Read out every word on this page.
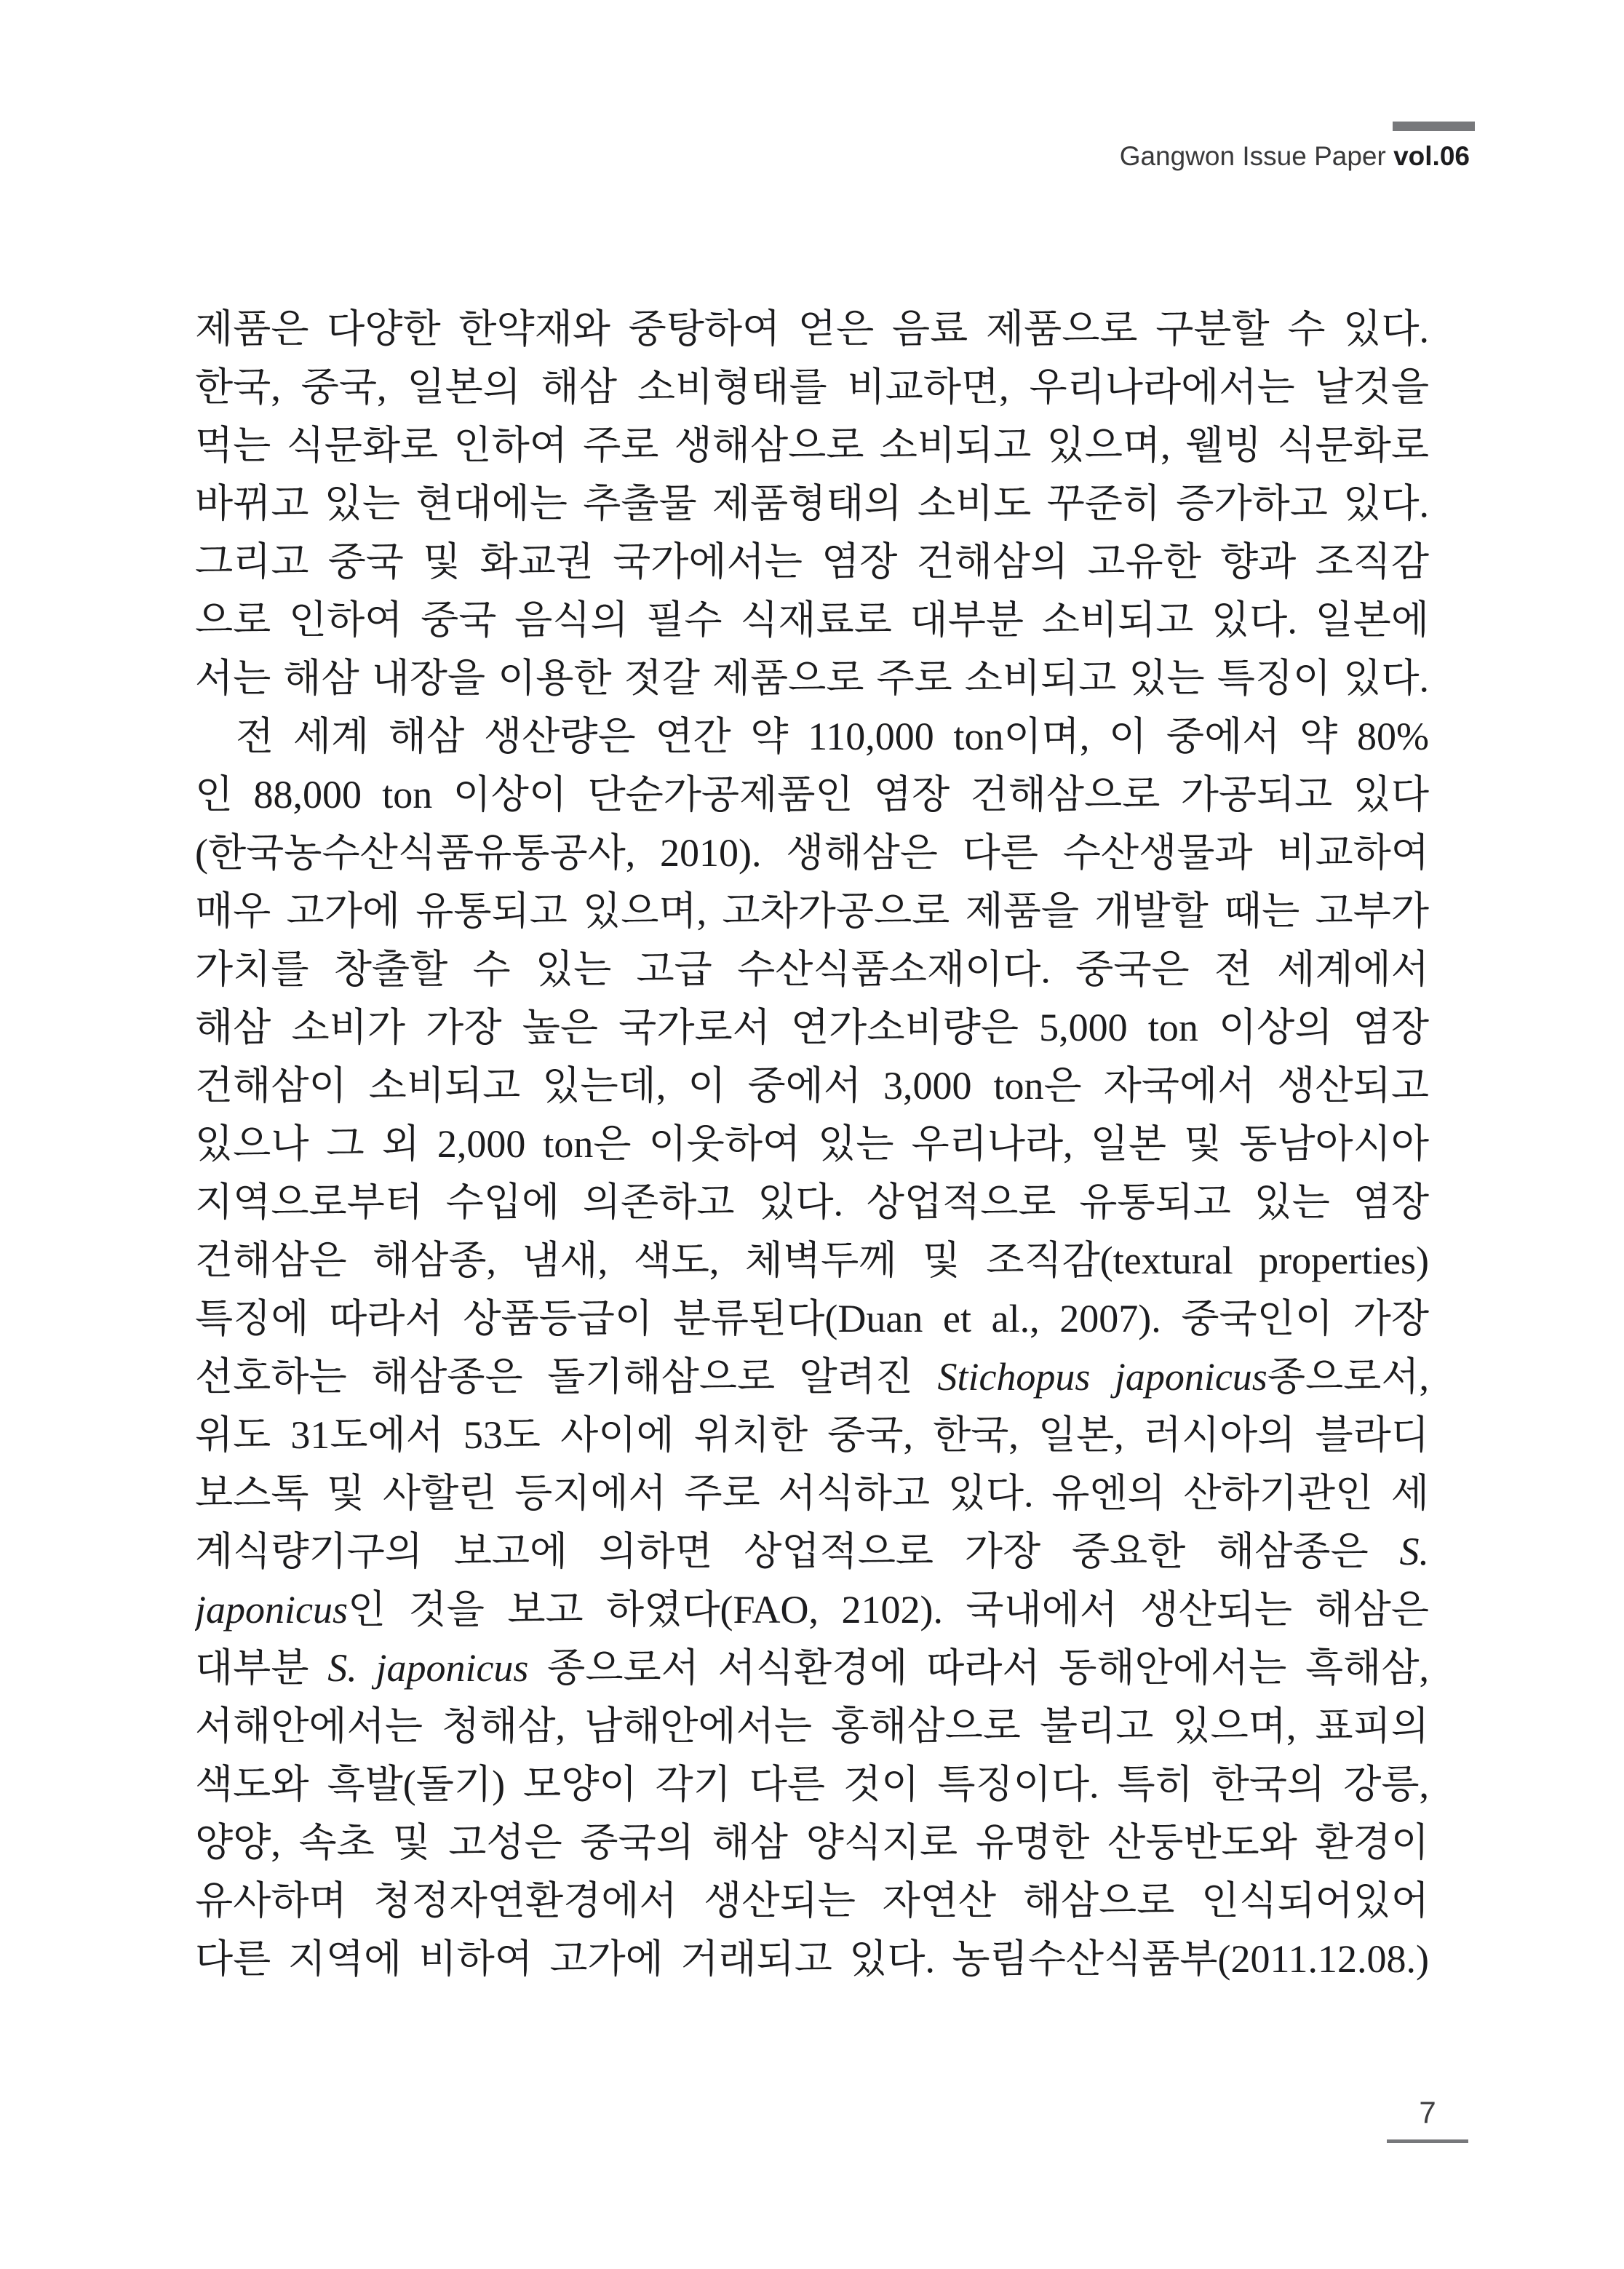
Gangwon Issue Paper vol.06
제품은 다양한 한약재와 중탕하여 얻은 음료 제품으로 구분할 수 있다.
한국, 중국, 일본의 해삼 소비형태를 비교하면, 우리나라에서는 날것을
먹는 식문화로 인하여 주로 생해삼으로 소비되고 있으며, 웰빙 식문화로
바뀌고 있는 현대에는 추출물 제품형태의 소비도 꾸준히 증가하고 있다.
그리고 중국 및 화교권 국가에서는 염장 건해삼의 고유한 향과 조직감
으로 인하여 중국 음식의 필수 식재료로 대부분 소비되고 있다. 일본에
서는 해삼 내장을 이용한 젓갈 제품으로 주로 소비되고 있는 특징이 있다.
전 세계 해삼 생산량은 연간 약 110,000 ton이며, 이 중에서 약 80%
인 88,000 ton 이상이 단순가공제품인 염장 건해삼으로 가공되고 있다
(한국농수산식품유통공사, 2010). 생해삼은 다른 수산생물과 비교하여
매우 고가에 유통되고 있으며, 고차가공으로 제품을 개발할 때는 고부가
가치를 창출할 수 있는 고급 수산식품소재이다. 중국은 전 세계에서
해삼 소비가 가장 높은 국가로서 연가소비량은 5,000 ton 이상의 염장
건해삼이 소비되고 있는데, 이 중에서 3,000 ton은 자국에서 생산되고
있으나 그 외 2,000 ton은 이웃하여 있는 우리나라, 일본 및 동남아시아
지역으로부터 수입에 의존하고 있다. 상업적으로 유통되고 있는 염장
건해삼은 해삼종, 냄새, 색도, 체벽두께 및 조직감(textural properties)
특징에 따라서 상품등급이 분류된다(Duan et al., 2007). 중국인이 가장
선호하는 해삼종은 돌기해삼으로 알려진 Stichopus japonicus종으로서,
위도 31도에서 53도 사이에 위치한 중국, 한국, 일본, 러시아의 블라디
보스톡 및 사할린 등지에서 주로 서식하고 있다. 유엔의 산하기관인 세
계식량기구의 보고에 의하면 상업적으로 가장 중요한 해삼종은 S.
japonicus인 것을 보고 하였다(FAO, 2102). 국내에서 생산되는 해삼은
대부분 S. japonicus 종으로서 서식환경에 따라서 동해안에서는 흑해삼,
서해안에서는 청해삼, 남해안에서는 홍해삼으로 불리고 있으며, 표피의
색도와 흑발(돌기) 모양이 각기 다른 것이 특징이다. 특히 한국의 강릉,
양양, 속초 및 고성은 중국의 해삼 양식지로 유명한 산둥반도와 환경이
유사하며 청정자연환경에서 생산되는 자연산 해삼으로 인식되어있어
다른 지역에 비하여 고가에 거래되고 있다. 농림수산식품부(2011.12.08.)
7
